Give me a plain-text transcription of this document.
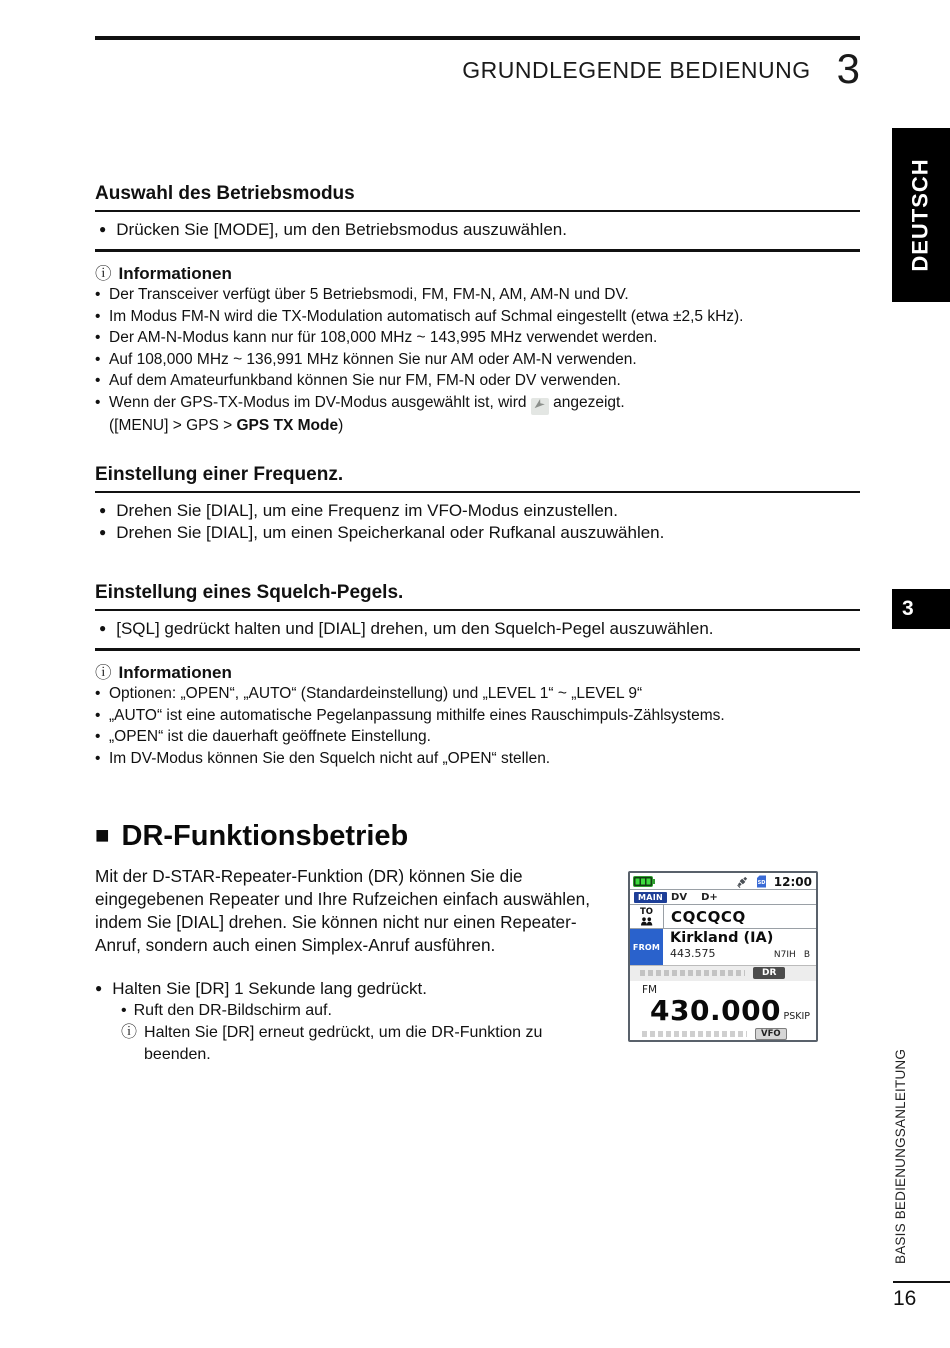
GRUNDLEGENDE BEDIENUNG 3
DEUTSCH
3
BASIS BEDIENUNGSANLEITUNG
16
Auswahl des Betriebsmodus
● Drücken Sie [MODE], um den Betriebsmodus auszuwählen.
ⓘ Informationen
• Der Transceiver verfügt über 5 Betriebsmodi, FM, FM-N, AM, AM-N und DV.
• Im Modus FM-N wird die TX-Modulation automatisch auf Schmal eingestellt (etwa ±2,5 kHz).
• Der AM-N-Modus kann nur für 108,000 MHz ~ 143,995 MHz verwendet werden.
• Auf 108,000 MHz ~ 136,991 MHz können Sie nur AM oder AM-N verwenden.
• Auf dem Amateurfunkband können Sie nur FM, FM-N oder DV verwenden.
• Wenn der GPS-TX-Modus im DV-Modus ausgewählt ist, wird angezeigt.
([MENU] > GPS > GPS TX Mode)
Einstellung einer Frequenz.
● Drehen Sie [DIAL], um eine Frequenz im VFO-Modus einzustellen.
● Drehen Sie [DIAL], um einen Speicherkanal oder Rufkanal auszuwählen.
Einstellung eines Squelch-Pegels.
● [SQL] gedrückt halten und [DIAL] drehen, um den Squelch-Pegel auszuwählen.
ⓘ Informationen
• Optionen: „OPEN“, „AUTO“ (Standardeinstellung) und „LEVEL 1“ ~ „LEVEL 9“
• „AUTO“ ist eine automatische Pegelanpassung mithilfe eines Rauschimpuls-Zählsystems.
• „OPEN“ ist die dauerhaft geöffnete Einstellung.
• Im DV-Modus können Sie den Squelch nicht auf „OPEN“ stellen.
■ DR-Funktionsbetrieb
Mit der D-STAR-Repeater-Funktion (DR) können Sie die eingegebenen Repeater und Ihre Rufzeichen einfach auswählen, indem Sie [DIAL] drehen. Sie können nicht nur einen Repeater-Anruf, sondern auch einen Simplex-Anruf ausführen.
● Halten Sie [DR] 1 Sekunde lang gedrückt.
• Ruft den DR-Bildschirm auf.
ⓘ Halten Sie [DR] erneut gedrückt, um die DR-Funktion zu beenden.
SD 12:00
MAIN DV D+
TO	CQCQCQ
FROM
Kirkland (IA)
443.575	N7IH B
DR
FM
430.000 PSKIP
VFO
